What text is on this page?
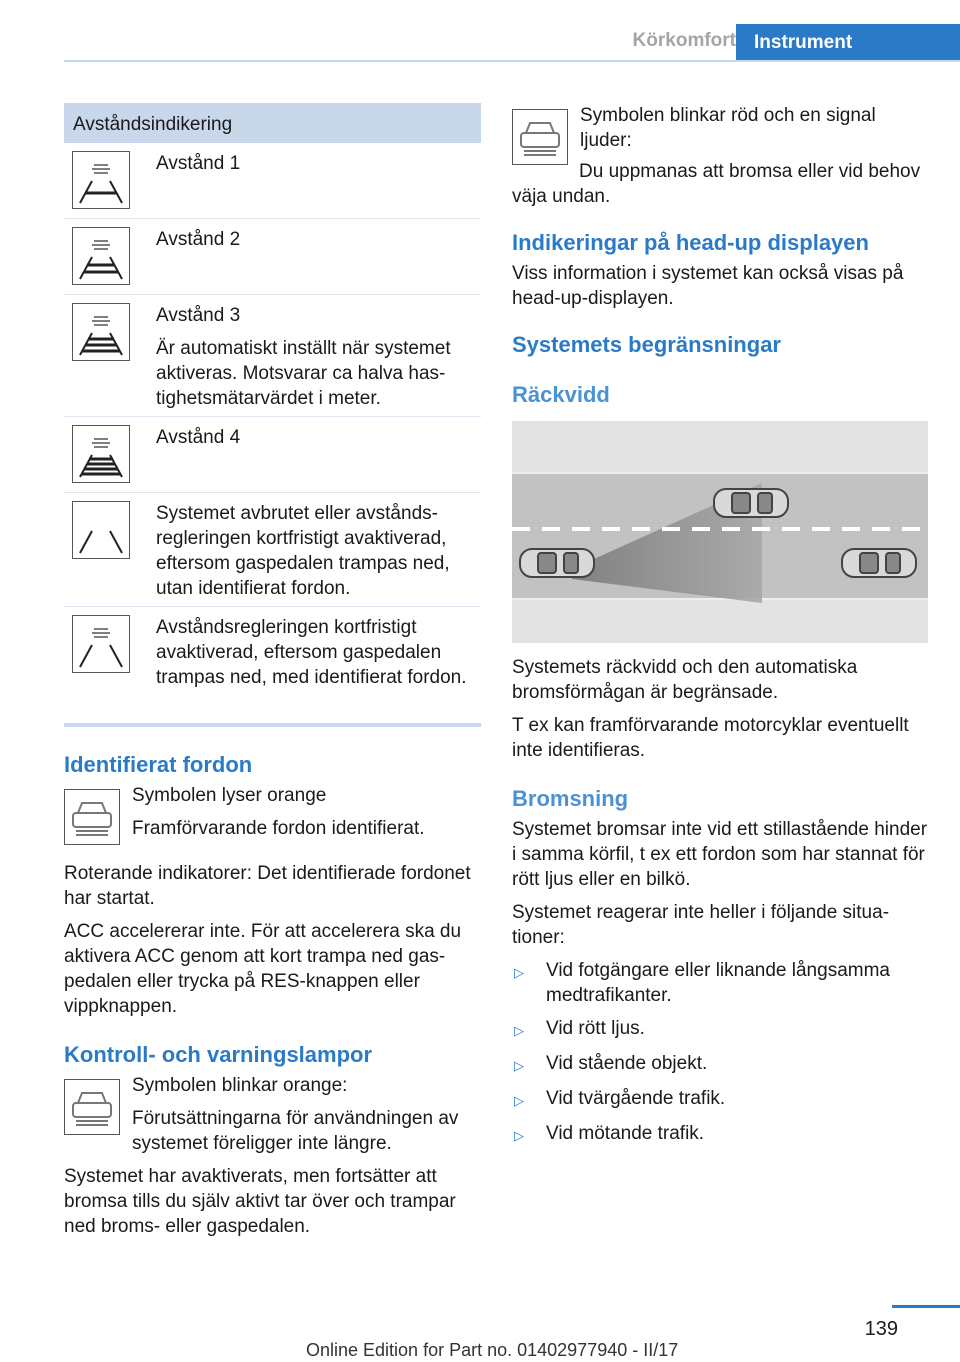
Körkomfort Instrument
Avståndsindikering

Avstånd 1

Avstånd 2

Avstånd 3

Är automatiskt inställt när systemet aktiveras. Motsvarar ca halva hastighetsmätarvärdet i meter.

Avstånd 4

Systemet avbrutet eller avståndsregleringen kortfristigt avaktiverad, eftersom gaspedalen trampas ned, utan identifierat fordon.

Avståndsregleringen kortfristigt avaktiverad, eftersom gaspedalen trampas ned, med identifierat fordon.

Identifierat fordon

Symbolen lyser orange

Framförvarande fordon identifierat.

Roterande indikatorer: Det identifierade fordonet har startat.

ACC accelererar inte. För att accelerera ska du aktivera ACC genom att kort trampa ned gaspedalen eller trycka på RES-knappen eller vippknappen.

Kontroll- och varningslampor

Symbolen blinkar orange:

Förutsättningarna för användningen av systemet föreligger inte längre.

Systemet har avaktiverats, men fortsätter att bromsa tills du själv aktivt tar över och trampar ned broms- eller gaspedalen.

Symbolen blinkar röd och en signal ljuder:

Du uppmanas att bromsa eller vid behov väja undan.

Indikeringar på head-up displayen

Viss information i systemet kan också visas på head-up-displayen.

Systemets begränsningar
Räckvidd

Systemets räckvidd och den automatiska bromsförmågan är begränsade.

T ex kan framförvarande motorcyklar eventuellt inte identifieras.

Bromsning

Systemet bromsar inte vid ett stillastående hinder i samma körfil, t ex ett fordon som har stannat för rött ljus eller en bilkö.

Systemet reagerar inte heller i följande situationer:

▷	Vid fotgängare eller liknande långsamma medtrafikanter.
▷	Vid rött ljus.
▷	Vid stående objekt.
▷	Vid tvärgående trafik.
▷	Vid mötande trafik.
139
Online Edition for Part no. 01402977940 - II/17
